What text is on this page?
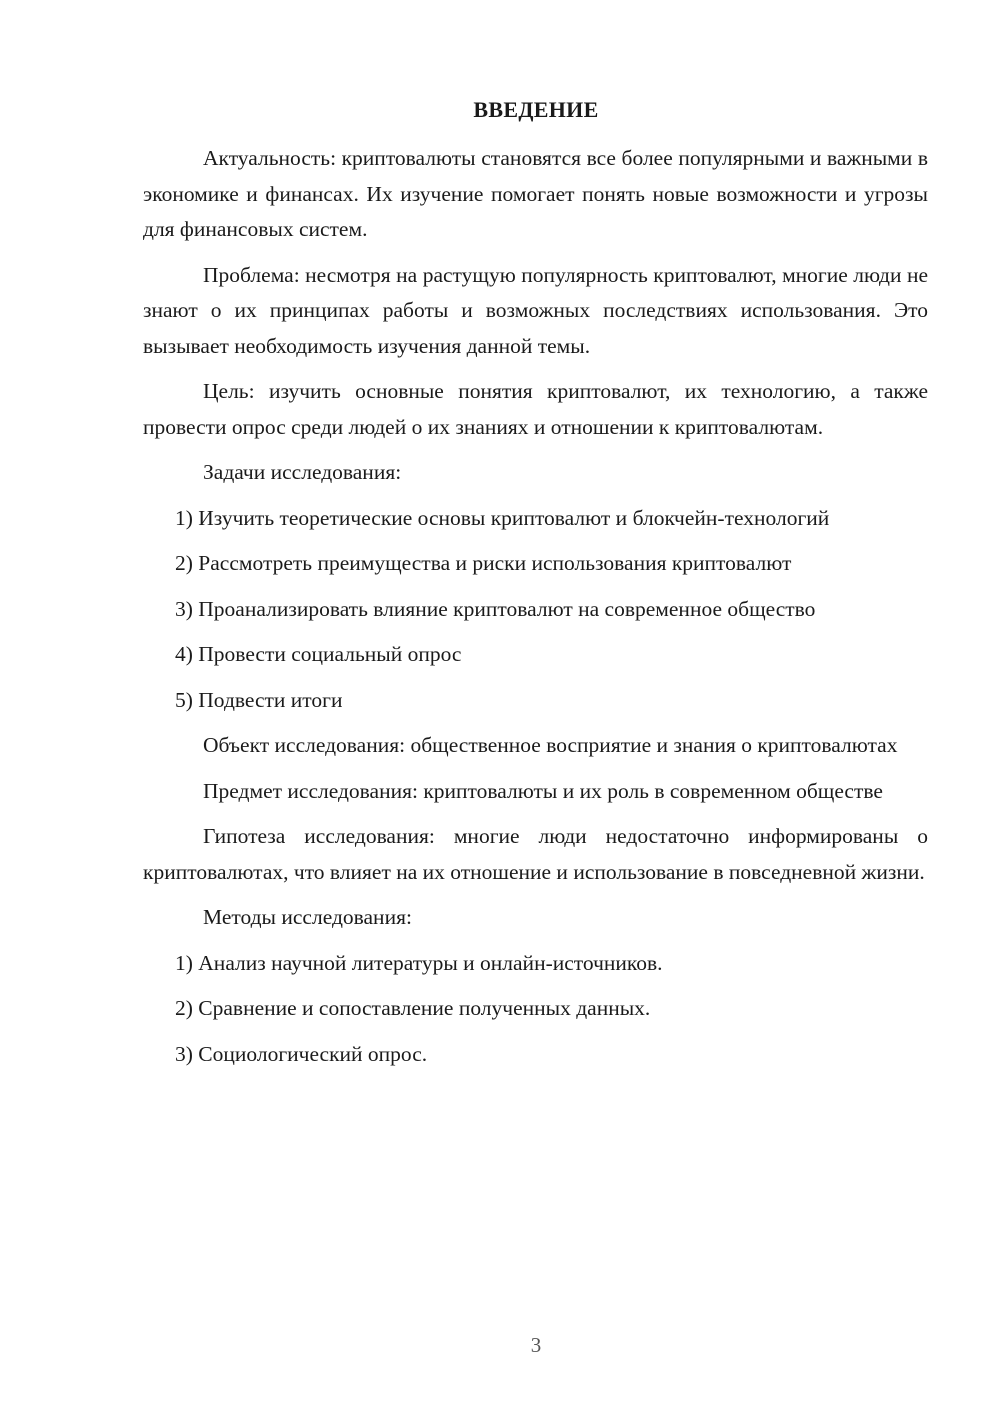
ВВЕДЕНИЕ

Актуальность: криптовалюты становятся все более популярными и важными в экономике и финансах. Их изучение помогает понять новые возможности и угрозы для финансовых систем.

Проблема: несмотря на растущую популярность криптовалют, многие люди не знают о их принципах работы и возможных последствиях использования. Это вызывает необходимость изучения данной темы.

Цель: изучить основные понятия криптовалют, их технологию, а также провести опрос среди людей о их знаниях и отношении к криптовалютам.

Задачи исследования:

1) Изучить теоретические основы криптовалют и блокчейн-технологий

2) Рассмотреть преимущества и риски использования криптовалют

3) Проанализировать влияние криптовалют на современное общество

4) Провести социальный опрос

5) Подвести итоги

Объект исследования: общественное восприятие и знания о криптовалютах

Предмет исследования: криптовалюты и их роль в современном обществе

Гипотеза исследования: многие люди недостаточно информированы о криптовалютах, что влияет на их отношение и использование в повседневной жизни.

Методы исследования:

1) Анализ научной литературы и онлайн-источников.

2) Сравнение и сопоставление полученных данных.

3) Социологический опрос.

3
